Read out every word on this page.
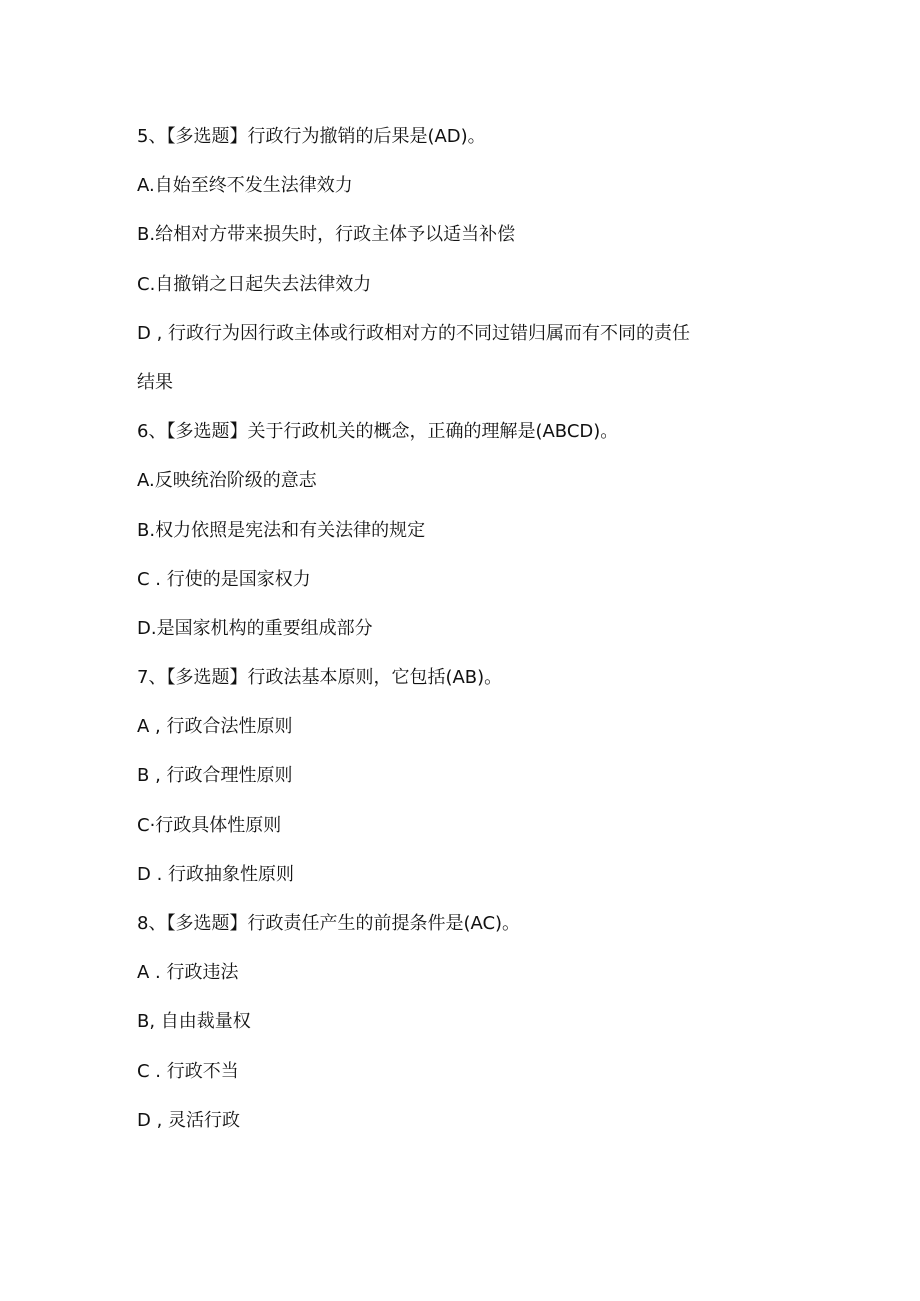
5、【多选题】行政行为撤销的后果是(AD)。
A.自始至终不发生法律效力
B.给相对方带来损失时，行政主体予以适当补偿
C.自撤销之日起失去法律效力
D , 行政行为因行政主体或行政相对方的不同过错归属而有不同的责任
结果
6、【多选题】关于行政机关的概念，正确的理解是(ABCD)。
A.反映统治阶级的意志
B.权力依照是宪法和有关法律的规定
C . 行使的是国家权力
D.是国家机构的重要组成部分
7、【多选题】行政法基本原则，它包括(AB)。
A , 行政合法性原则
B , 行政合理性原则
C·行政具体性原则
D . 行政抽象性原则
8、【多选题】行政责任产生的前提条件是(AC)。
A . 行政违法
B, 自由裁量权
C . 行政不当
D , 灵活行政
